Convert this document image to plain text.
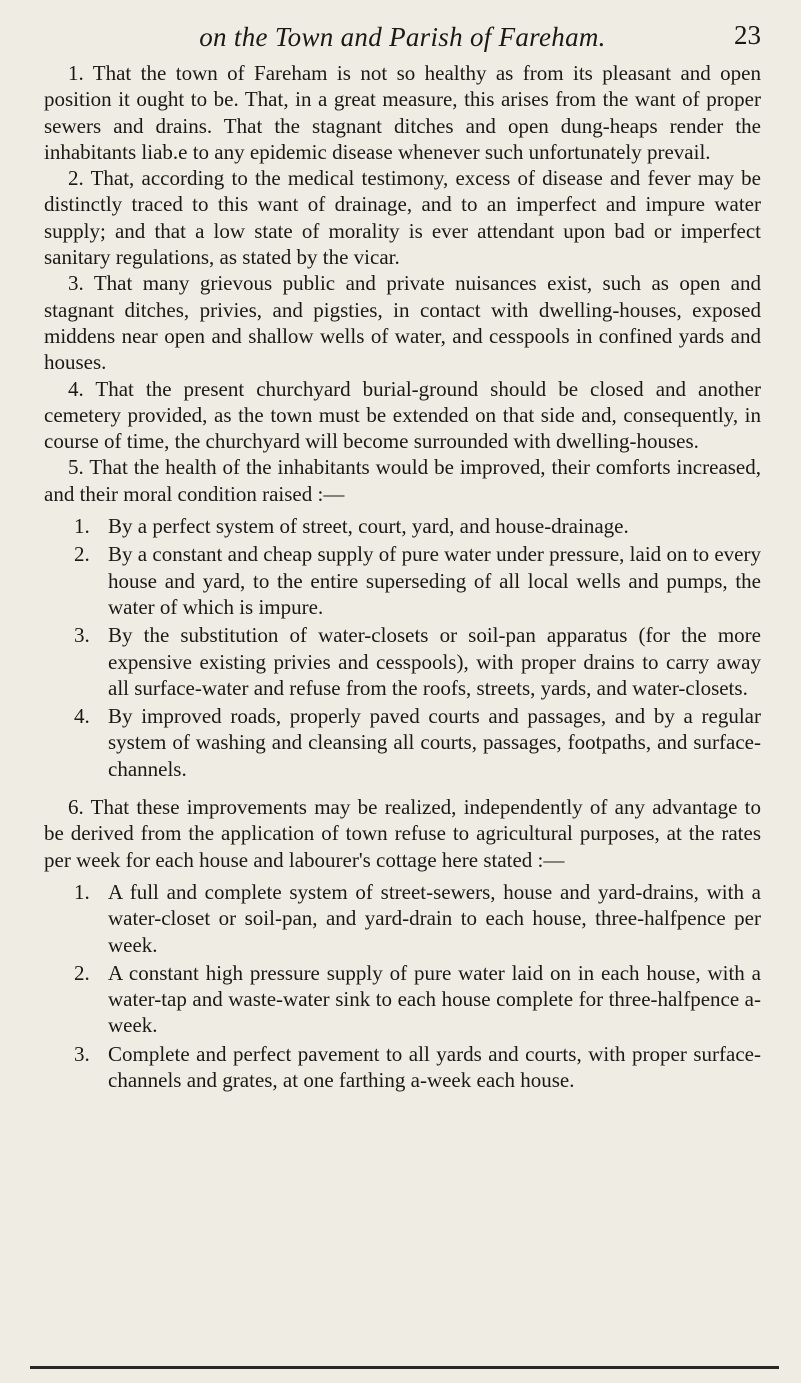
on the Town and Parish of Fareham.	23

1. That the town of Fareham is not so healthy as from its pleasant and open position it ought to be. That, in a great measure, this arises from the want of proper sewers and drains. That the stagnant ditches and open dung-heaps render the inhabitants liab.e to any epidemic disease whenever such unfortunately prevail.

2. That, according to the medical testimony, excess of disease and fever may be distinctly traced to this want of drainage, and to an imperfect and impure water supply; and that a low state of morality is ever attendant upon bad or imperfect sanitary regulations, as stated by the vicar.

3. That many grievous public and private nuisances exist, such as open and stagnant ditches, privies, and pigsties, in contact with dwelling-houses, exposed middens near open and shallow wells of water, and cesspools in confined yards and houses.

4. That the present churchyard burial-ground should be closed and another cemetery provided, as the town must be extended on that side and, consequently, in course of time, the churchyard will become surrounded with dwelling-houses.

5. That the health of the inhabitants would be improved, their comforts increased, and their moral condition raised :—

1. By a perfect system of street, court, yard, and house-drainage.
2. By a constant and cheap supply of pure water under pressure, laid on to every house and yard, to the entire superseding of all local wells and pumps, the water of which is impure.
3. By the substitution of water-closets or soil-pan apparatus (for the more expensive existing privies and cesspools), with proper drains to carry away all surface-water and refuse from the roofs, streets, yards, and water-closets.
4. By improved roads, properly paved courts and passages, and by a regular system of washing and cleansing all courts, passages, footpaths, and surface-channels.

6. That these improvements may be realized, independently of any advantage to be derived from the application of town refuse to agricultural purposes, at the rates per week for each house and labourer's cottage here stated :—

1. A full and complete system of street-sewers, house and yard-drains, with a water-closet or soil-pan, and yard-drain to each house, three-halfpence per week.
2. A constant high pressure supply of pure water laid on in each house, with a water-tap and waste-water sink to each house complete for three-halfpence a-week.
3. Complete and perfect pavement to all yards and courts, with proper surface-channels and grates, at one farthing a-week each house.
